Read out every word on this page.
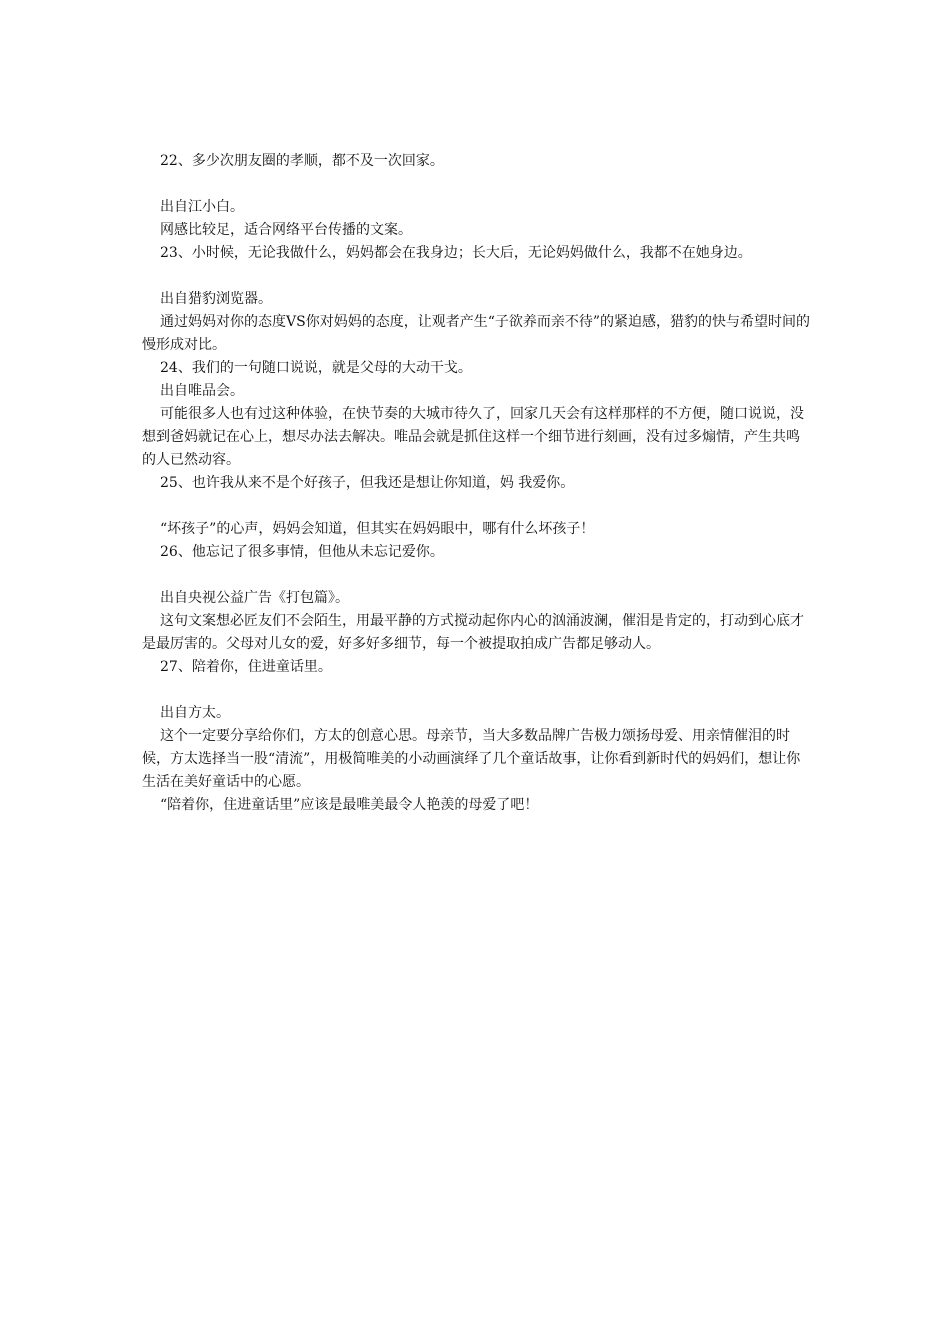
22、多少次朋友圈的孝顺，都不及一次回家。

出自江小白。

网感比较足，适合网络平台传播的文案。

23、小时候，无论我做什么，妈妈都会在我身边；长大后，无论妈妈做什么，我都不在她身边。

出自猎豹浏览器。

通过妈妈对你的态度VS你对妈妈的态度，让观者产生“子欲养而亲不待”的紧迫感，猎豹的快与希望时间的慢形成对比。

24、我们的一句随口说说，就是父母的大动干戈。

出自唯品会。

可能很多人也有过这种体验，在快节奏的大城市待久了，回家几天会有这样那样的不方便，随口说说，没想到爸妈就记在心上，想尽办法去解决。唯品会就是抓住这样一个细节进行刻画，没有过多煽情，产生共鸣的人已然动容。

25、也许我从来不是个好孩子，但我还是想让你知道，妈 我爱你。

“坏孩子”的心声，妈妈会知道，但其实在妈妈眼中，哪有什么坏孩子！

26、他忘记了很多事情，但他从未忘记爱你。

出自央视公益广告《打包篇》。

这句文案想必匠友们不会陌生，用最平静的方式搅动起你内心的汹涌波澜，催泪是肯定的，打动到心底才是最厉害的。父母对儿女的爱，好多好多细节，每一个被提取拍成广告都足够动人。

27、陪着你，住进童话里。

出自方太。

这个一定要分享给你们，方太的创意心思。母亲节，当大多数品牌广告极力颂扬母爱、用亲情催泪的时候，方太选择当一股“清流”，用极简唯美的小动画演绎了几个童话故事，让你看到新时代的妈妈们，想让你生活在美好童话中的心愿。

“陪着你，住进童话里”应该是最唯美最令人艳羡的母爱了吧！
